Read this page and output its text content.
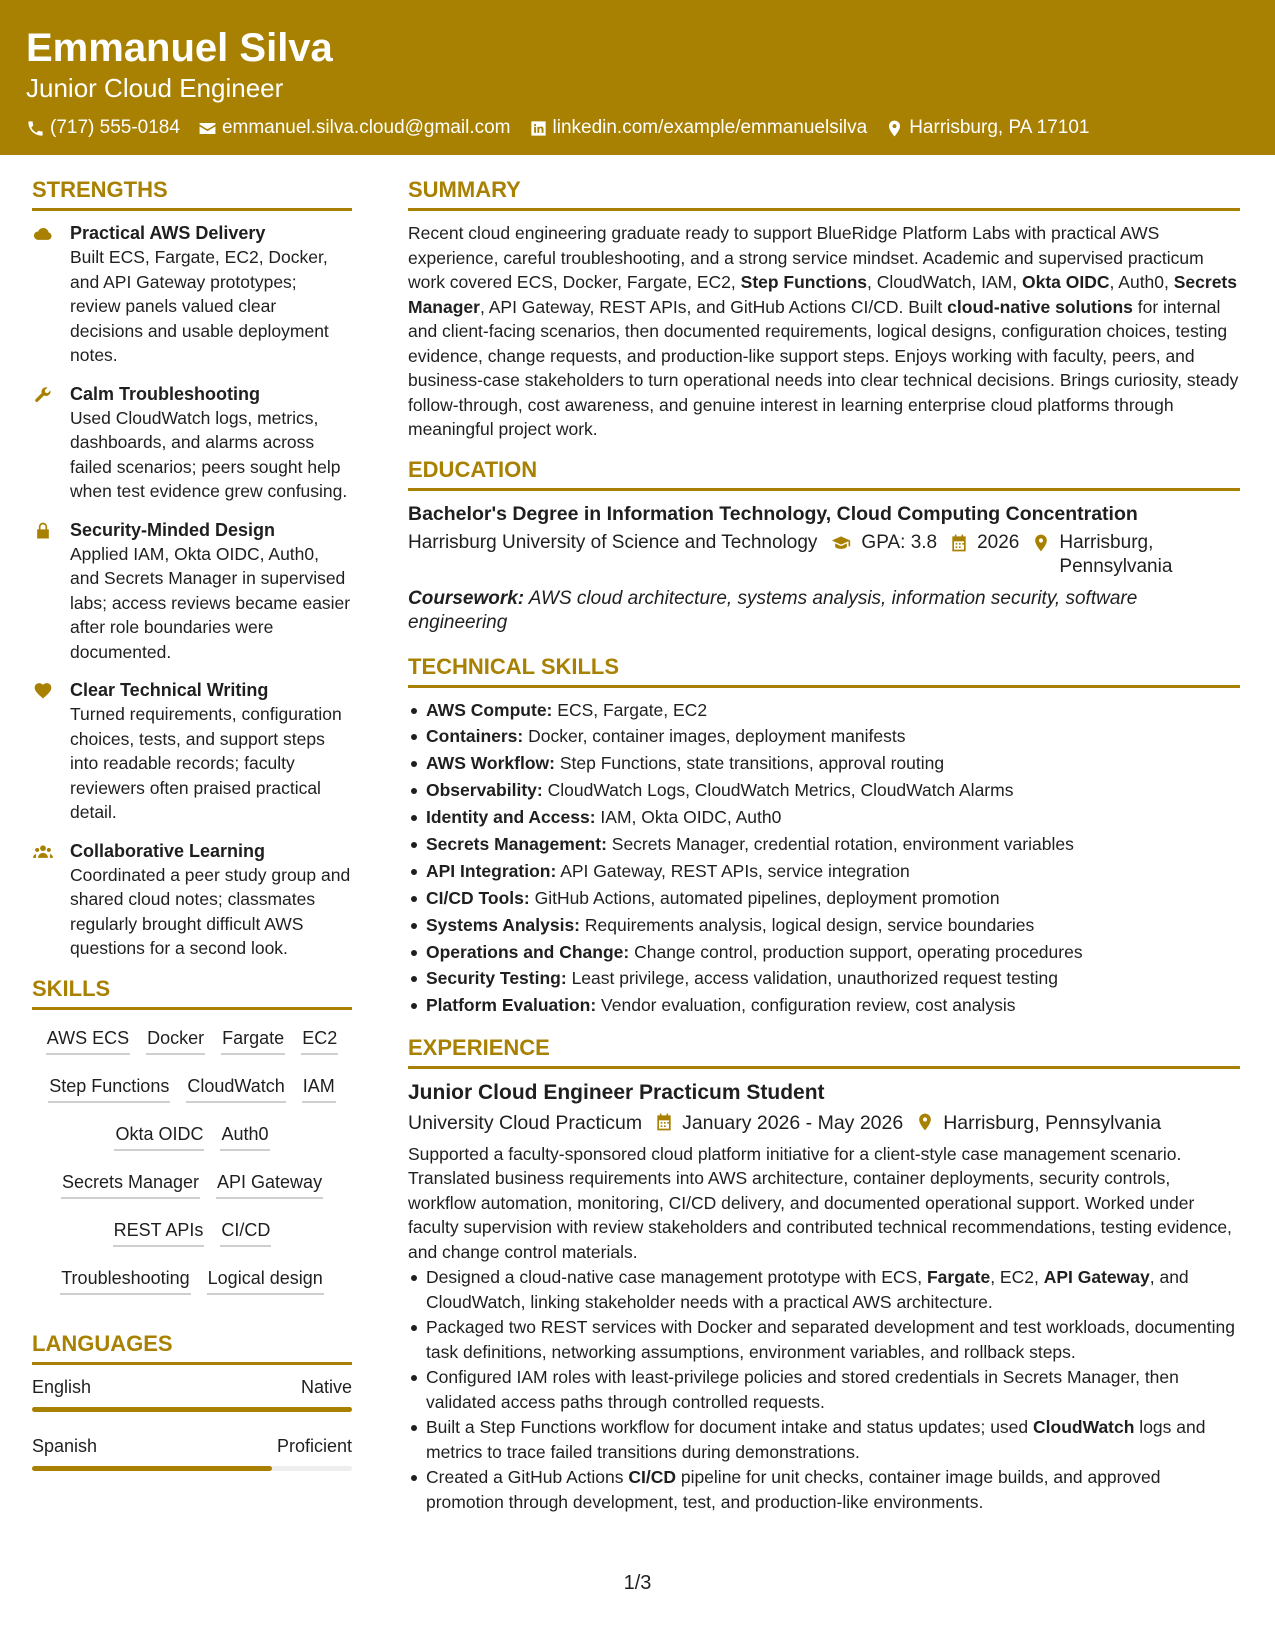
Emmanuel Silva
Junior Cloud Engineer
(717) 555-0184 emmanuel.silva.cloud@gmail.com linkedin.com/example/emmanuelsilva Harrisburg, PA 17101
STRENGTHS
Practical AWS Delivery
Built ECS, Fargate, EC2, Docker, and API Gateway prototypes; review panels valued clear decisions and usable deployment notes.
Calm Troubleshooting
Used CloudWatch logs, metrics, dashboards, and alarms across failed scenarios; peers sought help when test evidence grew confusing.
Security-Minded Design
Applied IAM, Okta OIDC, Auth0, and Secrets Manager in supervised labs; access reviews became easier after role boundaries were documented.
Clear Technical Writing
Turned requirements, configuration choices, tests, and support steps into readable records; faculty reviewers often praised practical detail.
Collaborative Learning
Coordinated a peer study group and shared cloud notes; classmates regularly brought difficult AWS questions for a second look.
SKILLS
AWS ECS Docker Fargate EC2
Step Functions CloudWatch IAM
Okta OIDC Auth0
Secrets Manager API Gateway
REST APIs CI/CD
Troubleshooting Logical design
LANGUAGES
English	Native
Spanish	Proficient
SUMMARY

Recent cloud engineering graduate ready to support BlueRidge Platform Labs with practical AWS experience, careful troubleshooting, and a strong service mindset. Academic and supervised practicum work covered ECS, Docker, Fargate, EC2, Step Functions, CloudWatch, IAM, Okta OIDC, Auth0, Secrets Manager, API Gateway, REST APIs, and GitHub Actions CI/CD. Built cloud-native solutions for internal and client-facing scenarios, then documented requirements, logical designs, configuration choices, testing evidence, change requests, and production-like support steps. Enjoys working with faculty, peers, and business-case stakeholders to turn operational needs into clear technical decisions. Brings curiosity, steady follow-through, cost awareness, and genuine interest in learning enterprise cloud platforms through meaningful project work.

EDUCATION
Bachelor's Degree in Information Technology, Cloud Computing Concentration
Harrisburg University of Science and Technology GPA: 3.8 2026 Harrisburg, Pennsylvania
Coursework: AWS cloud architecture, systems analysis, information security, software engineering
TECHNICAL SKILLS
AWS Compute: ECS, Fargate, EC2
Containers: Docker, container images, deployment manifests
AWS Workflow: Step Functions, state transitions, approval routing
Observability: CloudWatch Logs, CloudWatch Metrics, CloudWatch Alarms
Identity and Access: IAM, Okta OIDC, Auth0
Secrets Management: Secrets Manager, credential rotation, environment variables
API Integration: API Gateway, REST APIs, service integration
CI/CD Tools: GitHub Actions, automated pipelines, deployment promotion
Systems Analysis: Requirements analysis, logical design, service boundaries
Operations and Change: Change control, production support, operating procedures
Security Testing: Least privilege, access validation, unauthorized request testing
Platform Evaluation: Vendor evaluation, configuration review, cost analysis
EXPERIENCE
Junior Cloud Engineer Practicum Student
University Cloud Practicum January 2026 - May 2026 Harrisburg, Pennsylvania

Supported a faculty-sponsored cloud platform initiative for a client-style case management scenario. Translated business requirements into AWS architecture, container deployments, security controls, workflow automation, monitoring, CI/CD delivery, and documented operational support. Worked under faculty supervision with review stakeholders and contributed technical recommendations, testing evidence, and change control materials.

Designed a cloud-native case management prototype with ECS, Fargate, EC2, API Gateway, and CloudWatch, linking stakeholder needs with a practical AWS architecture.
Packaged two REST services with Docker and separated development and test workloads, documenting task definitions, networking assumptions, environment variables, and rollback steps.
Configured IAM roles with least-privilege policies and stored credentials in Secrets Manager, then validated access paths through controlled requests.
Built a Step Functions workflow for document intake and status updates; used CloudWatch logs and metrics to trace failed transitions during demonstrations.
Created a GitHub Actions CI/CD pipeline for unit checks, container image builds, and approved promotion through development, test, and production-like environments.
1/3
